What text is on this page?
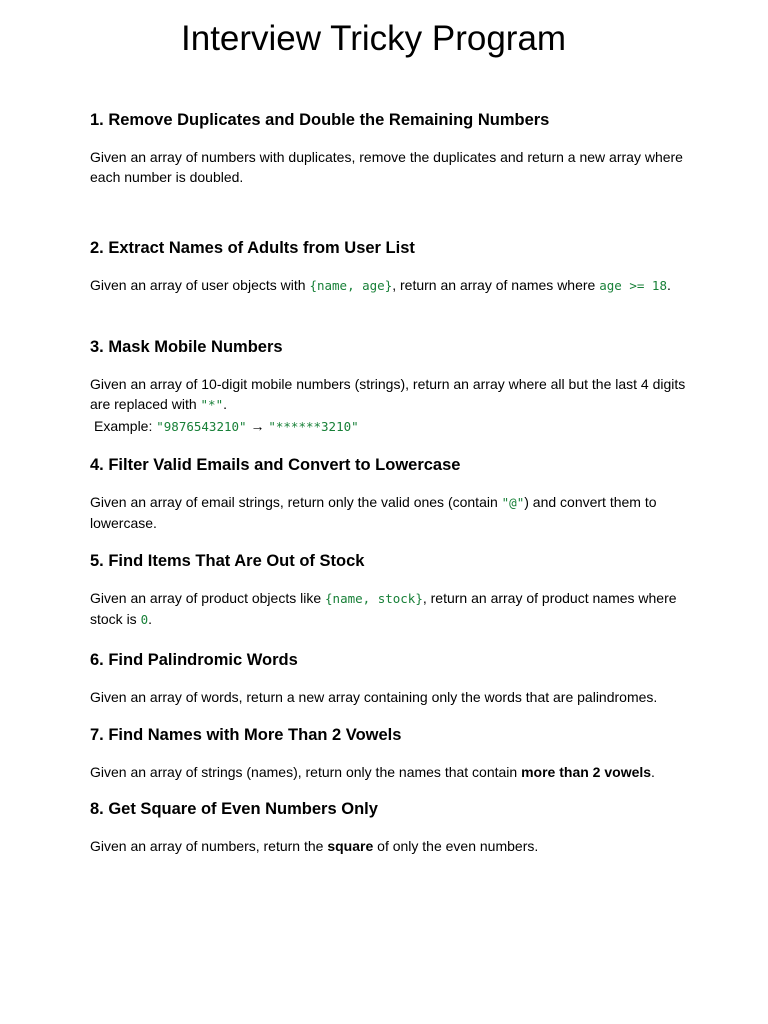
Interview Tricky Program
1. Remove Duplicates and Double the Remaining Numbers

Given an array of numbers with duplicates, remove the duplicates and return a new array where each number is doubled.

2. Extract Names of Adults from User List

Given an array of user objects with {name, age}, return an array of names where age >= 18.

3. Mask Mobile Numbers

Given an array of 10-digit mobile numbers (strings), return an array where all but the last 4 digits are replaced with "*".
Example: "9876543210" → "******3210"

4. Filter Valid Emails and Convert to Lowercase

Given an array of email strings, return only the valid ones (contain "@") and convert them to lowercase.

5. Find Items That Are Out of Stock

Given an array of product objects like {name, stock}, return an array of product names where stock is 0.

6. Find Palindromic Words

Given an array of words, return a new array containing only the words that are palindromes.

7. Find Names with More Than 2 Vowels

Given an array of strings (names), return only the names that contain more than 2 vowels.

8. Get Square of Even Numbers Only

Given an array of numbers, return the square of only the even numbers.
